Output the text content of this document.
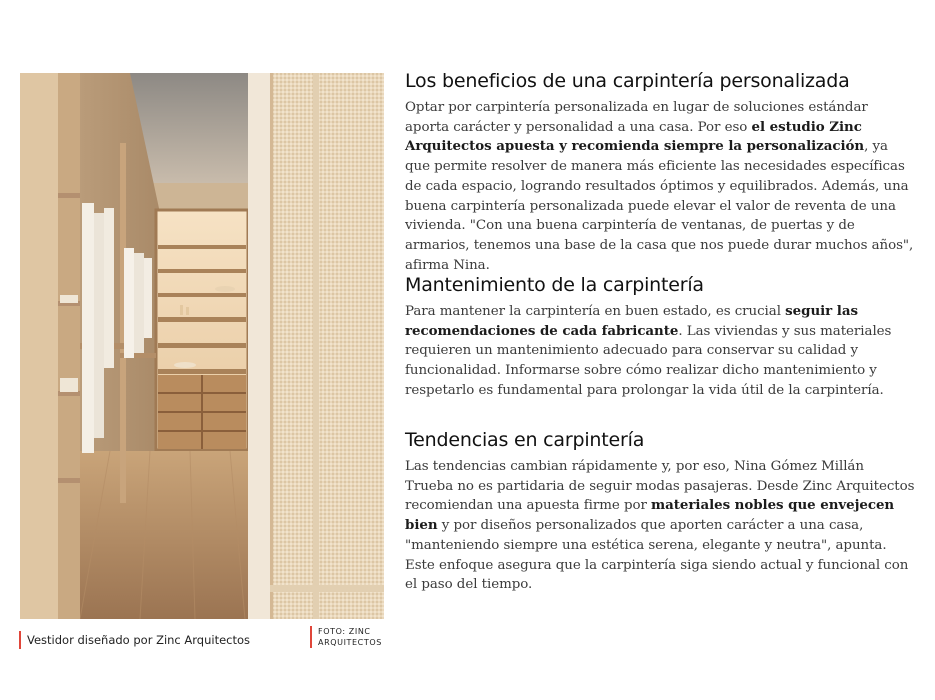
Vestidor diseñado por Zinc Arquitectos
FOTO: ZINC
ARQUITECTOS
Los beneficios de una carpintería personalizada

Optar por carpintería personalizada en lugar de soluciones estándar aporta carácter y personalidad a una casa. Por eso el estudio Zinc Arquitectos apuesta y recomienda siempre la personalización, ya que permite resolver de manera más eficiente las necesidades específicas de cada espacio, logrando resultados óptimos y equilibrados. Además, una buena carpintería personalizada puede elevar el valor de reventa de una vivienda. "Con una buena carpintería de ventanas, de puertas y de armarios, tenemos una base de la casa que nos puede durar muchos años", afirma Nina.

Mantenimiento de la carpintería

Para mantener la carpintería en buen estado, es crucial seguir las recomendaciones de cada fabricante. Las viviendas y sus materiales requieren un mantenimiento adecuado para conservar su calidad y funcionalidad. Informarse sobre cómo realizar dicho mantenimiento y respetarlo es fundamental para prolongar la vida útil de la carpintería.

Tendencias en carpintería

Las tendencias cambian rápidamente y, por eso, Nina Gómez Millán Trueba no es partidaria de seguir modas pasajeras. Desde Zinc Arquitectos recomiendan una apuesta firme por materiales nobles que envejecen bien y por diseños personalizados que aporten carácter a una casa, "manteniendo siempre una estética serena, elegante y neutra", apunta. Este enfoque asegura que la carpintería siga siendo actual y funcional con el paso del tiempo.
